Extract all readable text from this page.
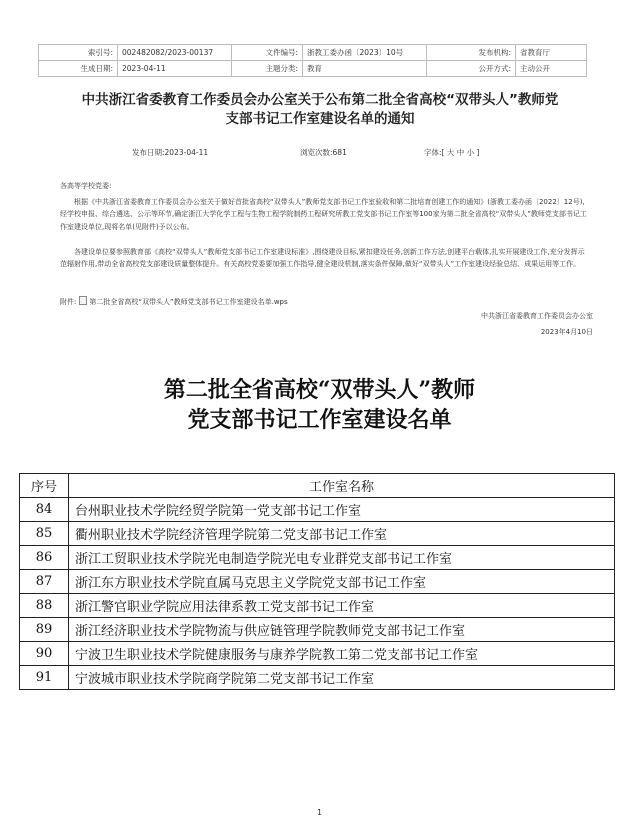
索引号:	002482082/2023-00137	文件编号:	浙教工委办函〔2023〕10号	发布机构:	省教育厅
生成日期:	2023-04-11	主题分类:	教育	公开方式:	主动公开
中共浙江省委教育工作委员会办公室关于公布第二批全省高校“双带头人”教师党
支部书记工作室建设名单的通知
发布日期:2023-04-11	浏览次数:681	字体:[ 大 中 小 ]
各高等学校党委:
根据《中共浙江省委教育工作委员会办公室关于做好首批省高校“双带头人”教师党支部书记工作室验收和第二批培育创建工作的通知》(浙教工委办函〔2022〕12号),经学校申报、综合遴选、公示等环节,确定浙江大学化学工程与生物工程学院制药工程研究所教工党支部书记工作室等100家为第二批全省高校“双带头人”教师党支部书记工作室建设单位,现将名单(见附件)予以公布。
各建设单位要参照教育部《高校“双带头人”教师党支部书记工作室建设标准》,围绕建设目标,紧扣建设任务,创新工作方法,创建平台载体,扎实开展建设工作,充分发挥示范辐射作用,带动全省高校党支部建设质量整体提升。有关高校党委要加强工作指导,健全建设机制,落实条件保障,做好“双带头人”工作室建设经验总结、成果运用等工作。
附件: 第二批全省高校“双带头人”教师党支部书记工作室建设名单.wps
中共浙江省委教育工作委员会办公室
2023年4月10日
第二批全省高校“双带头人”教师
党支部书记工作室建设名单
序号	工作室名称
84	台州职业技术学院经贸学院第一党支部书记工作室
85	衢州职业技术学院经济管理学院第二党支部书记工作室
86	浙江工贸职业技术学院光电制造学院光电专业群党支部书记工作室
87	浙江东方职业技术学院直属马克思主义学院党支部书记工作室
88	浙江警官职业学院应用法律系教工党支部书记工作室
89	浙江经济职业技术学院物流与供应链管理学院教师党支部书记工作室
90	宁波卫生职业技术学院健康服务与康养学院教工第二党支部书记工作室
91	宁波城市职业技术学院商学院第二党支部书记工作室
1
